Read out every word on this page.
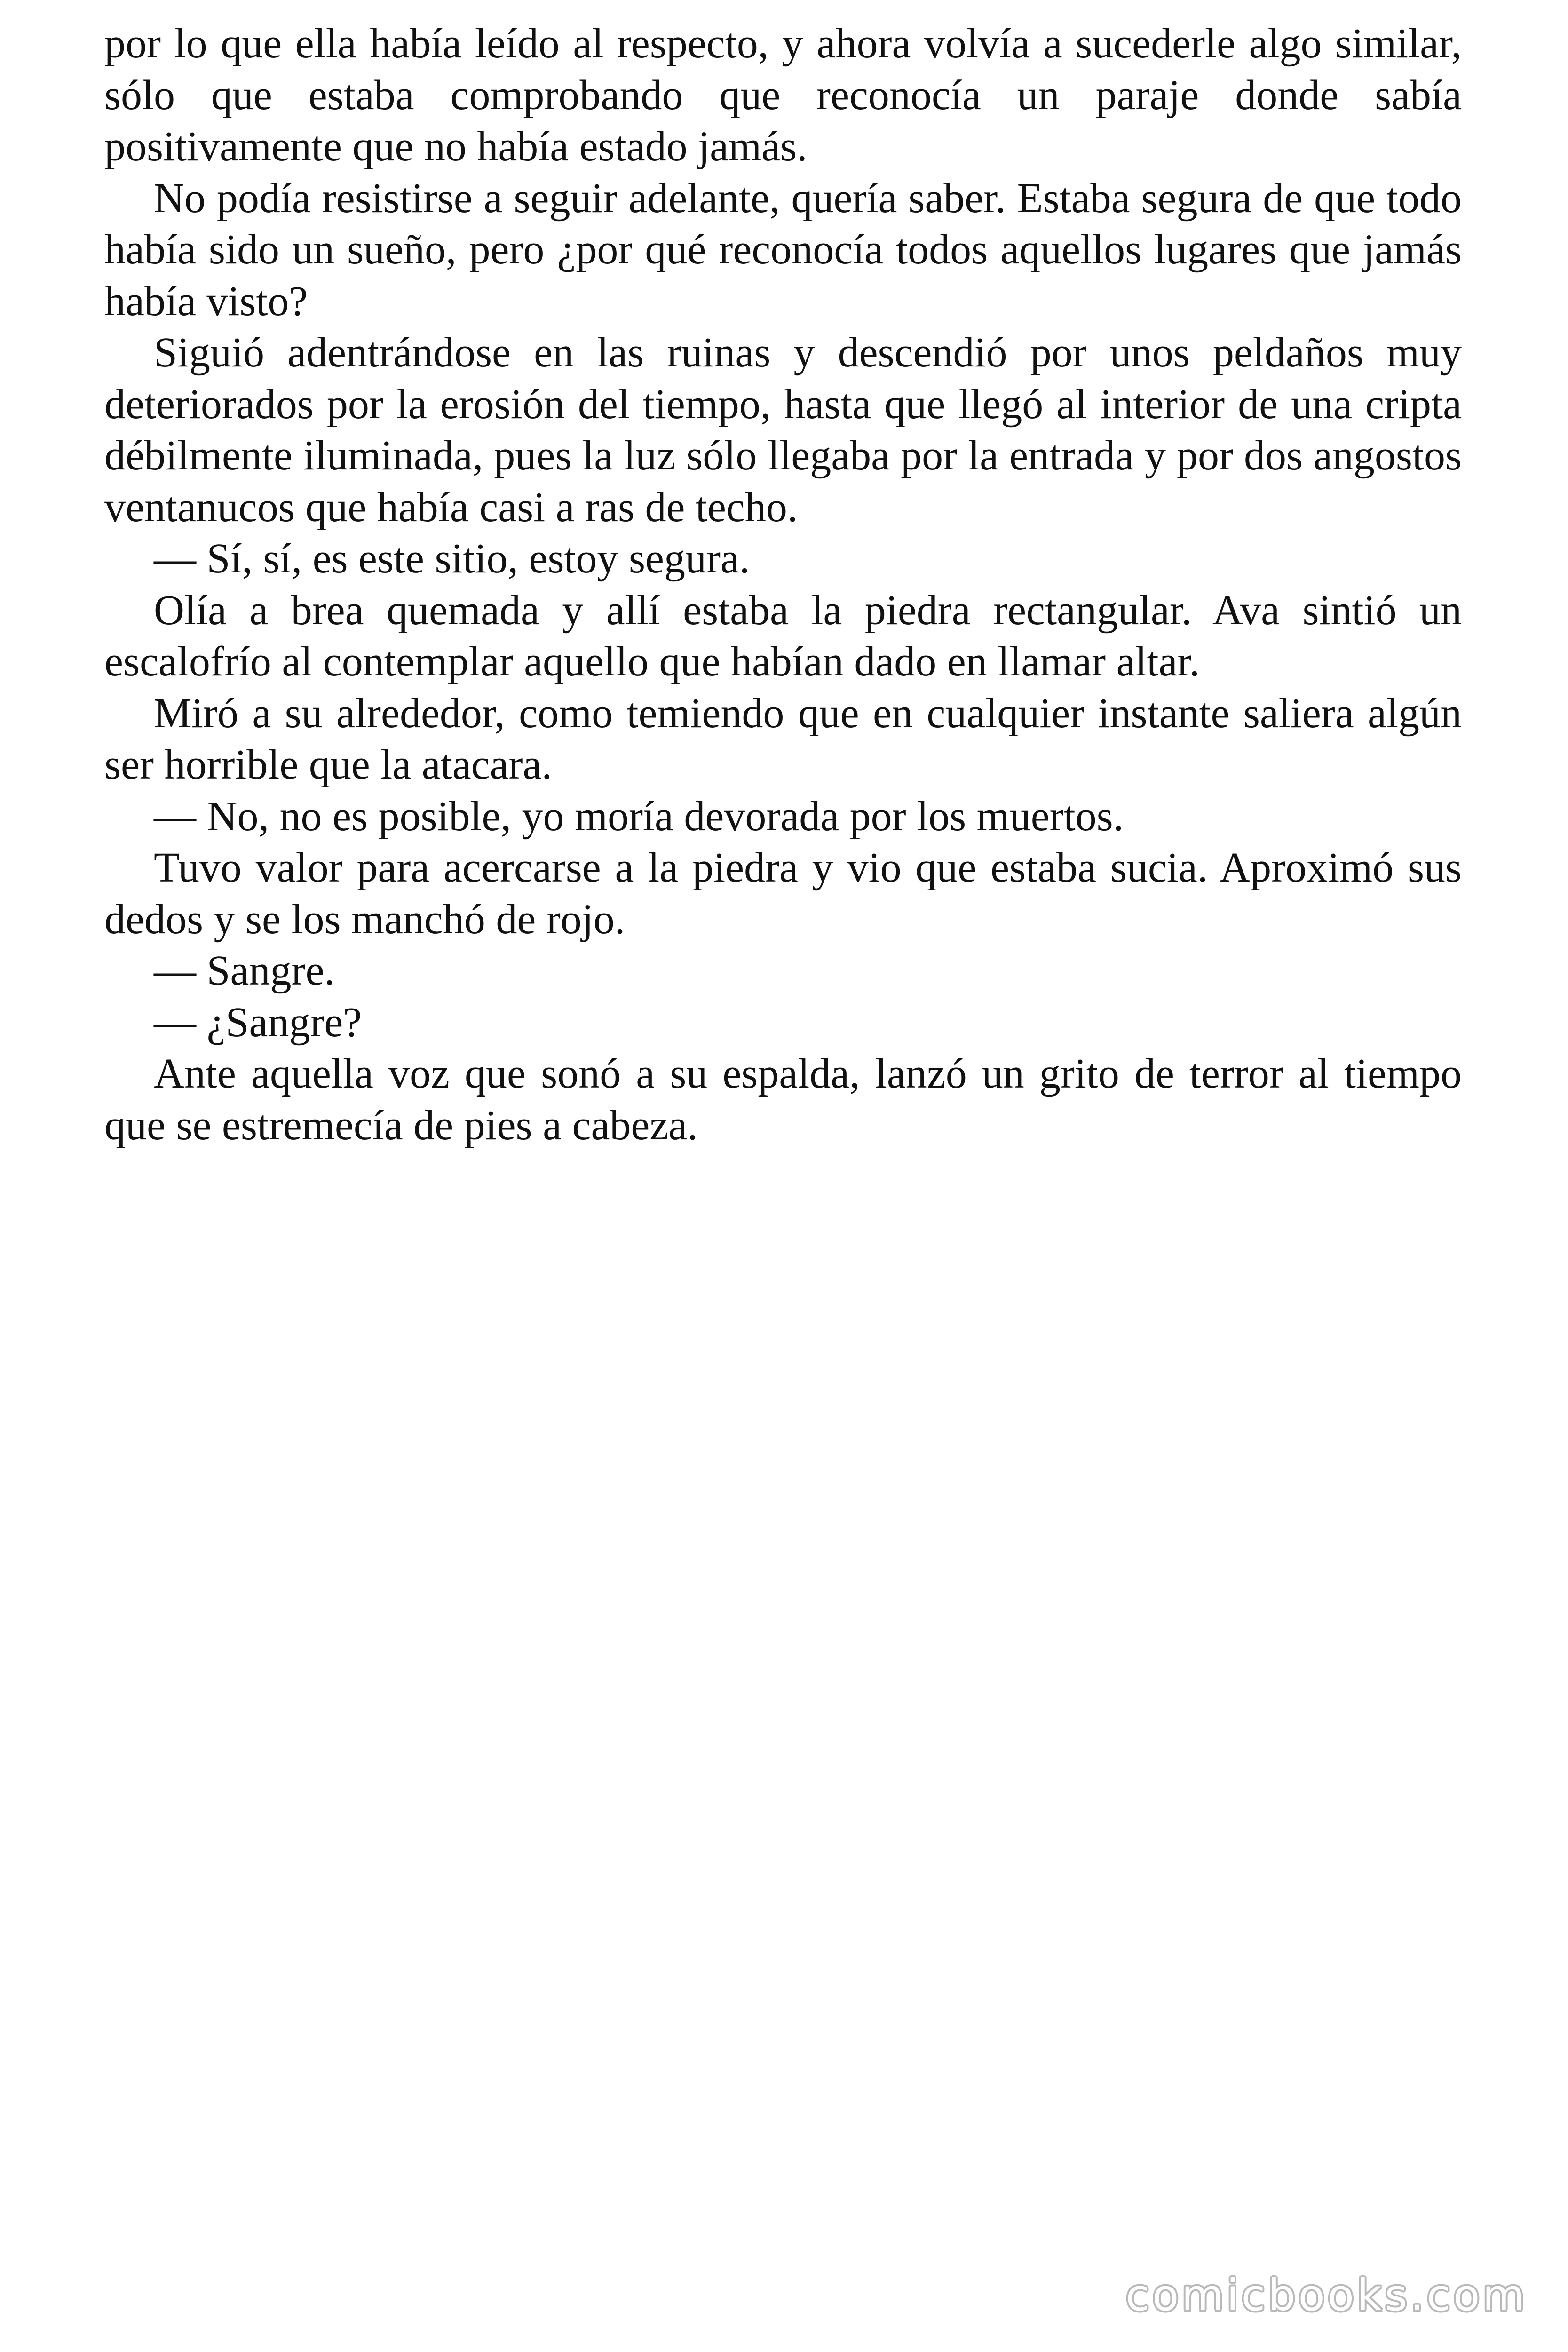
por lo que ella había leído al respecto, y ahora volvía a sucederle algo similar, sólo que estaba comprobando que reconocía un paraje donde sabía positivamente que no había estado jamás.

No podía resistirse a seguir adelante, quería saber. Estaba segura de que todo había sido un sueño, pero ¿por qué reconocía todos aquellos lugares que jamás había visto?

Siguió adentrándose en las ruinas y descendió por unos peldaños muy deteriorados por la erosión del tiempo, hasta que llegó al interior de una cripta débilmente iluminada, pues la luz sólo llegaba por la entrada y por dos angostos ventanucos que había casi a ras de techo.

— Sí, sí, es este sitio, estoy segura.

Olía a brea quemada y allí estaba la piedra rectangular. Ava sintió un escalofrío al contemplar aquello que habían dado en llamar altar.

Miró a su alrededor, como temiendo que en cualquier instante saliera algún ser horrible que la atacara.

— No, no es posible, yo moría devorada por los muertos.

Tuvo valor para acercarse a la piedra y vio que estaba sucia. Aproximó sus dedos y se los manchó de rojo.

— Sangre.

— ¿Sangre?

Ante aquella voz que sonó a su espalda, lanzó un grito de terror al tiempo que se estremecía de pies a cabeza.

comicbooks.com
